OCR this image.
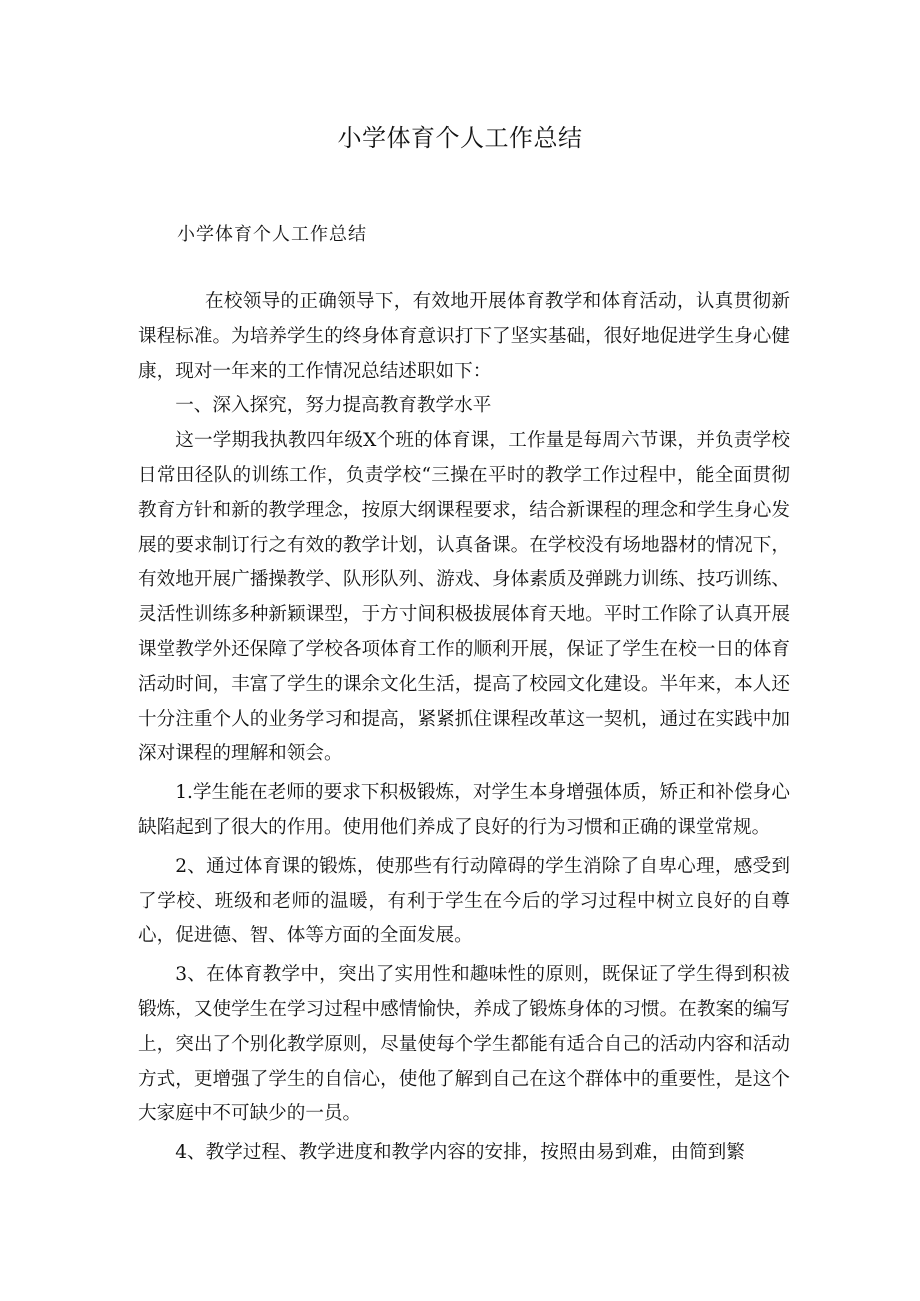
小学体育个人工作总结
小学体育个人工作总结

在校领导的正确领导下，有效地开展体育教学和体育活动，认真贯彻新课程标准。为培养学生的终身体育意识打下了坚实基础，很好地促进学生身心健康，现对一年来的工作情况总结述职如下：

一、深入探究，努力提高教育教学水平

这一学期我执教四年级X个班的体育课，工作量是每周六节课，并负责学校日常田径队的训练工作，负责学校“三操在平时的教学工作过程中，能全面贯彻教育方针和新的教学理念，按原大纲课程要求，结合新课程的理念和学生身心发展的要求制订行之有效的教学计划，认真备课。在学校没有场地器材的情况下，有效地开展广播操教学、队形队列、游戏、身体素质及弹跳力训练、技巧训练、灵活性训练多种新颖课型，于方寸间积极拔展体育天地。平时工作除了认真开展课堂教学外还保障了学校各项体育工作的顺利开展，保证了学生在校一日的体育活动时间，丰富了学生的课余文化生活，提高了校园文化建设。半年来，本人还十分注重个人的业务学习和提高，紧紧抓住课程改革这一契机，通过在实践中加深对课程的理解和领会。

1.学生能在老师的要求下积极锻炼，对学生本身增强体质，矫正和补偿身心缺陷起到了很大的作用。使用他们养成了良好的行为习惯和正确的课堂常规。

2、通过体育课的锻炼，使那些有行动障碍的学生消除了自卑心理，感受到了学校、班级和老师的温暖，有利于学生在今后的学习过程中树立良好的自尊心，促进德、智、体等方面的全面发展。

3、在体育教学中，突出了实用性和趣味性的原则，既保证了学生得到积祓锻炼，又使学生在学习过程中感情愉快，养成了锻炼身体的习惯。在教案的编写上，突出了个别化教学原则，尽量使每个学生都能有适合自己的活动内容和活动方式，更增强了学生的自信心，使他了解到自己在这个群体中的重要性，是这个大家庭中不可缺少的一员。

4、教学过程、教学进度和教学内容的安排，按照由易到难，由简到繁
